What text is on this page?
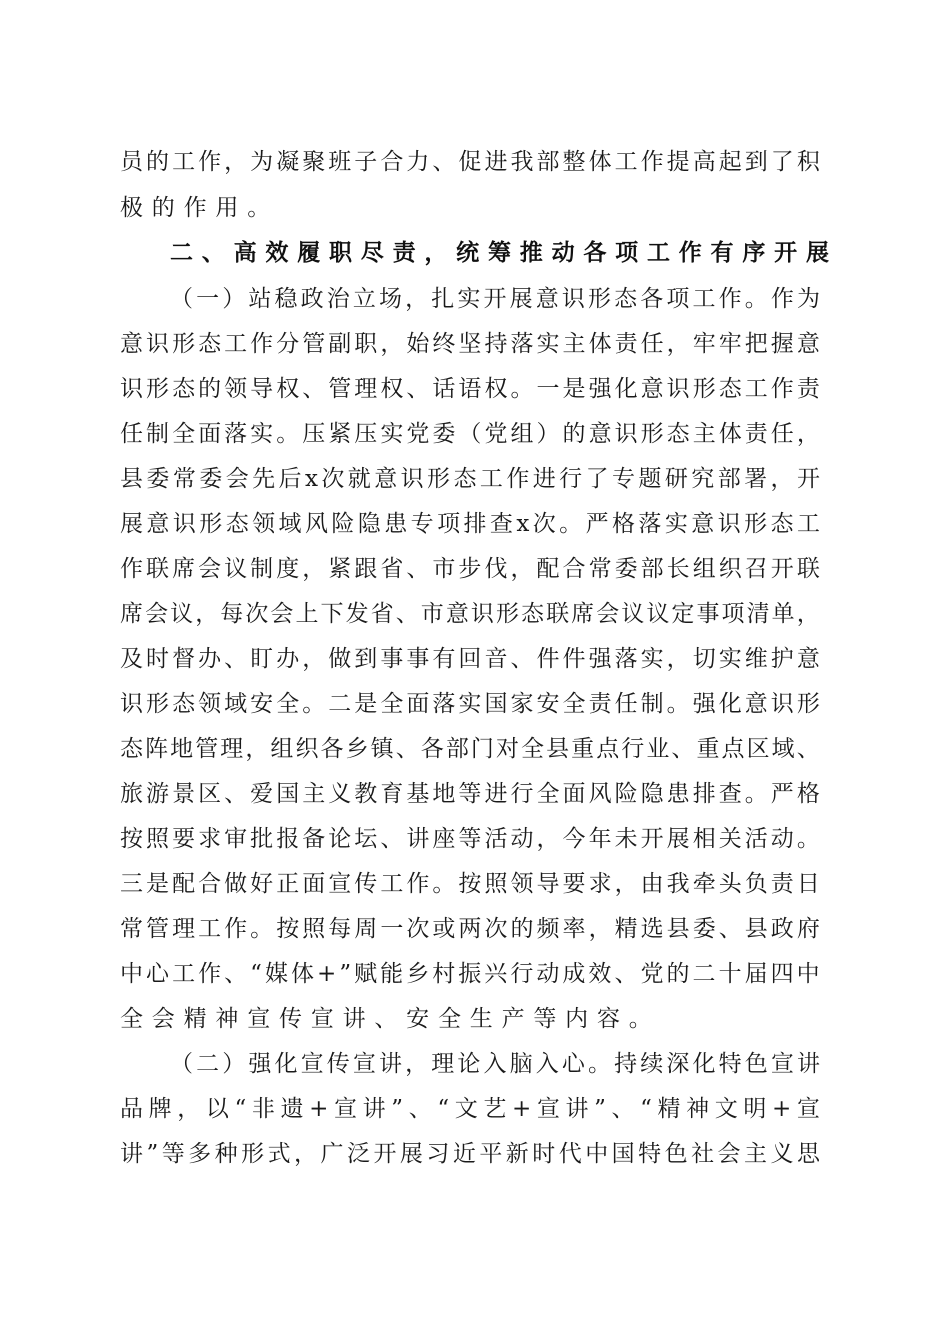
员 的 工 作 ， 为 凝 聚 班 子 合 力 、 促 进 我 部 整 体 工 作 提 高 起 到 了 积
极 的 作 用 。
二 、 高 效 履 职 尽 责 ， 统 筹 推 动 各 项 工 作 有 序 开 展
（ 一 ） 站 稳 政 治 立 场 ， 扎 实 开 展 意 识 形 态 各 项 工 作 。 作 为
意 识 形 态 工 作 分 管 副 职 ， 始 终 坚 持 落 实 主 体 责 任 ， 牢 牢 把 握 意
识 形 态 的 领 导 权 、 管 理 权 、 话 语 权 。 一 是 强 化 意 识 形 态 工 作 责
任 制 全 面 落 实 。 压 紧 压 实 党 委 （ 党 组 ） 的 意 识 形 态 主 体 责 任 ，
县 委 常 委 会 先 后 x 次 就 意 识 形 态 工 作 进 行 了 专 题 研 究 部 署 ， 开
展 意 识 形 态 领 域 风 险 隐 患 专 项 排 查 x 次 。 严 格 落 实 意 识 形 态 工
作 联 席 会 议 制 度 ， 紧 跟 省 、 市 步 伐 ， 配 合 常 委 部 长 组 织 召 开 联
席 会 议 ， 每 次 会 上 下 发 省 、 市 意 识 形 态 联 席 会 议 议 定 事 项 清 单 ，
及 时 督 办 、 盯 办 ， 做 到 事 事 有 回 音 、 件 件 强 落 实 ， 切 实 维 护 意
识 形 态 领 域 安 全 。 二 是 全 面 落 实 国 家 安 全 责 任 制 。 强 化 意 识 形
态 阵 地 管 理 ， 组 织 各 乡 镇 、 各 部 门 对 全 县 重 点 行 业 、 重 点 区 域 、
旅 游 景 区 、 爱 国 主 义 教 育 基 地 等 进 行 全 面 风 险 隐 患 排 查 。 严 格
按 照 要 求 审 批 报 备 论 坛 、 讲 座 等 活 动 ， 今 年 未 开 展 相 关 活 动 。
三 是 配 合 做 好 正 面 宣 传 工 作 。 按 照 领 导 要 求 ， 由 我 牵 头 负 责 日
常 管 理 工 作 。 按 照 每 周 一 次 或 两 次 的 频 率 ， 精 选 县 委 、 县 政 府
中 心 工 作 、 “ 媒 体 + ” 赋 能 乡 村 振 兴 行 动 成 效 、 党 的 二 十 届 四 中
全 会 精 神 宣 传 宣 讲 、 安 全 生 产 等 内 容 。
（ 二 ） 强 化 宣 传 宣 讲 ， 理 论 入 脑 入 心 。 持 续 深 化 特 色 宣 讲
品 牌 ， 以 “ 非 遗 + 宣 讲 ” 、 “ 文 艺 + 宣 讲 ” 、 “ 精 神 文 明 + 宣
讲 ” 等 多 种 形 式 ， 广 泛 开 展 习 近 平 新 时 代 中 国 特 色 社 会 主 义 思
